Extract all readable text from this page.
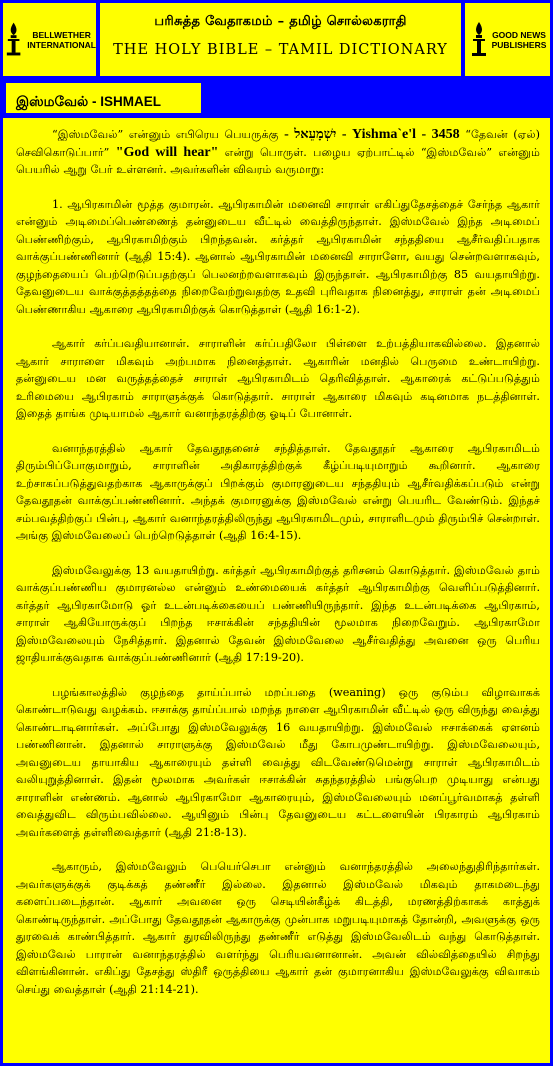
BELLWETHER
INTERNATIONAL
பரிசுத்த வேதாகமம் – தமிழ் சொல்லகராதி
THE HOLY BIBLE – TAMIL DICTIONARY
GOOD NEWS
PUBLISHERS
இஸ்மவேல் - ISHMAEL

“இஸ்மவேல்” என்னும் எபிரெய பெயருக்கு - יִשְׁמָעֵאל - Yishma`e'l - 3458 “தேவன் (ஏல்) செவிகொடுப்பார்” "God will hear" என்று பொருள். பழைய ஏற்பாட்டில் “இஸ்மவேல்” என்னும் பெயரில் ஆறு பேர் உள்ளனர். அவர்களின் விவரம் வருமாறு:

1. ஆபிரகாமின் மூத்த குமாரன். ஆபிரகாமின் மனைவி சாராள் எகிப்துதேசத்தைச் சேர்ந்த ஆகார் என்னும் அடிமைப்பெண்ணைத் தன்னுடைய வீட்டில் வைத்திருந்தாள். இஸ்மவேல் இந்த அடிமைப் பெண்ணிற்கும், ஆபிரகாமிற்கும் பிறந்தவன். கர்த்தர் ஆபிரகாமின் சந்ததியை ஆசீர்வதிப்பதாக வாக்குப்பண்ணினார் (ஆதி 15:4). ஆனால் ஆபிரகாமின் மனைவி சாராளோ, வயது சென்றவளாகவும், குழந்தையைப் பெற்றெடுப்பதற்குப் பெலனற்றவளாகவும் இருந்தாள். ஆபிரகாமிற்கு 85 வயதாயிற்று. தேவனுடைய வாக்குத்தத்தத்தை நிறைவேற்றுவதற்கு உதவி புரிவதாக நினைத்து, சாராள் தன் அடிமைப் பெண்ணாகிய ஆகாரை ஆபிரகாமிற்குக் கொடுத்தாள் (ஆதி 16:1-2).

ஆகார் கர்ப்பவதியானாள். சாராளின் கர்ப்பதிலோ பிள்ளை உற்பத்தியாகவில்லை. இதனால் ஆகார் சாராளை மிகவும் அற்பமாக நினைத்தாள். ஆகாரின் மனதில் பெருமை உண்டாயிற்று. தன்னுடைய மன வருத்தத்தைச் சாராள் ஆபிரகாமிடம் தெரிவித்தாள். ஆகாரைக் கட்டுப்படுத்தும் உரிமையை ஆபிரகாம் சாராளுக்குக் கொடுத்தார். சாராள் ஆகாரை மிகவும் கடினமாக நடத்தினாள். இதைத் தாங்க முடியாமல் ஆகார் வனாந்தரத்திற்கு ஓடிப் போனாள்.

வனாந்தரத்தில் ஆகார் தேவதூதனைச் சந்தித்தாள். தேவதூதர் ஆகாரை ஆபிரகாமிடம் திரும்பிப்போகுமாறும், சாராளின் அதிகாரத்திற்குக் கீழ்ப்படியுமாறும் கூறினார். ஆகாரை உற்சாகப்படுத்துவதற்காக ஆகாருக்குப் பிறக்கும் குமாரனுடைய சந்ததியும் ஆசீர்வதிக்கப்படும் என்று தேவதூதன் வாக்குப்பண்ணினார். அந்தக் குமாரனுக்கு இஸ்மவேல் என்று பெயரிட வேண்டும். இந்தச் சம்பவத்திற்குப் பின்பு, ஆகார் வனாந்தரத்திலிருந்து ஆபிரகாமிடமும், சாராளிடமும் திரும்பிச் சென்றாள். அங்கு இஸ்மவேலைப் பெற்றெடுத்தாள் (ஆதி 16:4-15).

இஸ்மவேலுக்கு 13 வயதாயிற்று. கர்த்தர் ஆபிரகாமிற்குத் தரிசனம் கொடுத்தார். இஸ்மவேல் தாம் வாக்குப்பண்ணிய குமாரனல்ல என்னும் உண்மையைக் கர்த்தர் ஆபிரகாமிற்கு வெளிப்படுத்தினார். கர்த்தர் ஆபிரகாமோடு ஓர் உடன்படிக்கையைப் பண்ணியிருந்தார். இந்த உடன்படிக்கை ஆபிரகாம், சாராள் ஆகியோருக்குப் பிறந்த ஈசாக்கின் சந்ததியின் மூலமாக நிறைவேறும். ஆபிரகாமோ இஸ்மவேலையும் நேசித்தார். இதனால் தேவன் இஸ்மவேலை ஆசீர்வதித்து அவனை ஒரு பெரிய ஜாதியாக்குவதாக வாக்குப்பண்ணினார் (ஆதி 17:19-20).

பழங்காலத்தில் குழந்தை தாய்ப்பால் மறப்பதை (weaning) ஒரு குடும்ப விழாவாகக் கொண்டாடுவது வழக்கம். ஈசாக்கு தாய்ப்பால் மறந்த நாளை ஆபிரகாமின் வீட்டில் ஒரு விருந்து வைத்து கொண்டாடினார்கள். அப்போது இஸ்மவேலுக்கு 16 வயதாயிற்று. இஸ்மவேல் ஈசாக்கைக் ஏளனம் பண்ணினான். இதனால் சாராளுக்கு இஸ்மவேல் மீது கோபமுண்டாயிற்று. இஸ்மவேலையும், அவனுடைய தாயாகிய ஆகாரையும் தள்ளி வைத்து விடவேண்டுமென்று சாராள் ஆபிரகாமிடம் வலியுறுத்தினாள். இதன் மூலமாக அவர்கள் ஈசாக்கின் சுதந்தரத்தில் பங்குபெற முடியாது என்பது சாராளின் எண்ணம். ஆனால் ஆபிரகாமோ ஆகாரையும், இஸ்மவேலையும் மனப்பூர்வமாகத் தள்ளி வைத்துவிட விரும்பவில்லை. ஆயினும் பின்பு தேவனுடைய கட்டளையின் பிரகாரம் ஆபிரகாம் அவர்களைத் தள்ளிவைத்தார் (ஆதி 21:8-13).

ஆகாரும், இஸ்மவேலும் பெயெர்செபா என்னும் வனாந்தரத்தில் அலைந்துதிரிந்தார்கள். அவர்களுக்குக் குடிக்கத் தண்ணீர் இல்லை. இதனால் இஸ்மவேல் மிகவும் தாகமடைந்து களைப்படைந்தான். ஆகார் அவனை ஒரு செடியின்கீழ்க் கிடத்தி, மரணத்திற்காகக் காத்துக் கொண்டிருந்தாள். அப்போது தேவதூதன் ஆகாருக்கு முன்பாக மறுபடியுமாகத் தோன்றி, அவளுக்கு ஒரு துரவைக் காண்பித்தார். ஆகார் துரவிலிருந்து தண்ணீர் எடுத்து இஸ்மவேலிடம் வந்து கொடுத்தாள். இஸ்மவேல் பாரான் வனாந்தரத்தில் வளர்ந்து பெரியவனானான். அவன் வில்வித்தையில் சிறந்து விளங்கினான். எகிப்து தேசத்து ஸ்திரீ ஒருத்தியை ஆகார் தன் குமாரனாகிய இஸ்மவேலுக்கு விவாகம் செய்து வைத்தாள் (ஆதி 21:14-21).
